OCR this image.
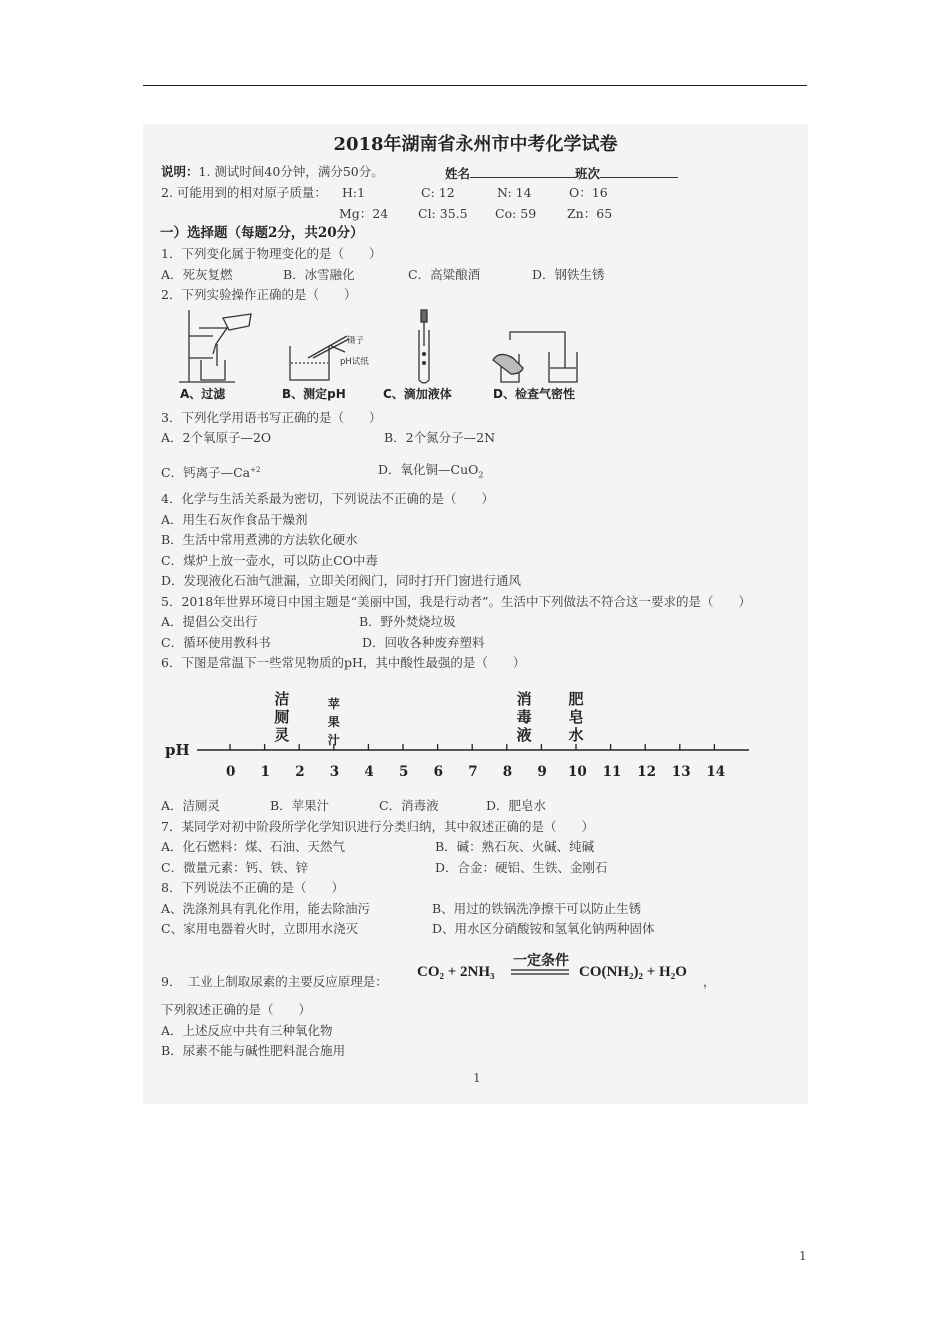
2018年湖南省永州市中考化学试卷
说明：1. 测试时间40分钟，满分50分。	姓名	班次
2. 可能用到的相对原子质量： H:1	C: 12	N: 14	O：16
Mg：24 Cl: 35.5 Co: 59 Zn：65
一）选择题（每题2分，共20分）
1．下列变化属于物理变化的是（　　）
A．死灰复燃	B．冰雪融化	C．高粱酿酒	D．钢铁生锈
2．下列实验操作正确的是（　　）
镊子
pH试纸
A、过滤	B、测定pH	C、滴加液体	D、检查气密性
3．下列化学用语书写正确的是（　　）
A．2个氧原子—2O	B．2个氮分子—2N
C．钙离子$—Ca^{+2}$	D．氧化铜—CuO$_2$
4．化学与生活关系最为密切，下列说法不正确的是（　　）
A．用生石灰作食品干燥剂
B．生活中常用煮沸的方法软化硬水
C．煤炉上放一壶水，可以防止CO中毒
D．发现液化石油气泄漏，立即关闭阀门，同时打开门窗进行通风
5．2018年世界环境日中国主题是“美丽中国，我是行动者”。生活中下列做法不符合这一要求的是（　　）
A．提倡公交出行	B．野外焚烧垃圾
C．循环使用教科书	D．回收各种废弃塑料
6．下图是常温下一些常见物质的pH，其中酸性最强的是（　　）
pH
0 1 2 3 4 5 6 7 8 9 10 11 12 13 14
洁
厕
灵
苹
果
汁
消
毒
液
肥
皂
水
A．洁厕灵	B．苹果汁	C．消毒液	D．肥皂水
7．某同学对初中阶段所学化学知识进行分类归纳，其中叙述正确的是（　　）
A．化石燃料：煤、石油、天然气	B．碱：熟石灰、火碱、纯碱
C．微量元素：钙、铁、锌	D．合金：硬铝、生铁、金刚石
8．下列说法不正确的是（　　）
A、洗涤剂具有乳化作用，能去除油污	B、用过的铁锅洗净擦干可以防止生锈
C、家用电器着火时，立即用水浇灭	D、用水区分硝酸铵和氢氧化钠两种固体
9．　工业上制取尿素的主要反应原理是：
CO₂ + 2NH₃
一定条件
CO(NH₂)₂ + H₂O
，
下列叙述正确的是（　　）
A．上述反应中共有三种氧化物
B．尿素不能与碱性肥料混合施用
1
1
